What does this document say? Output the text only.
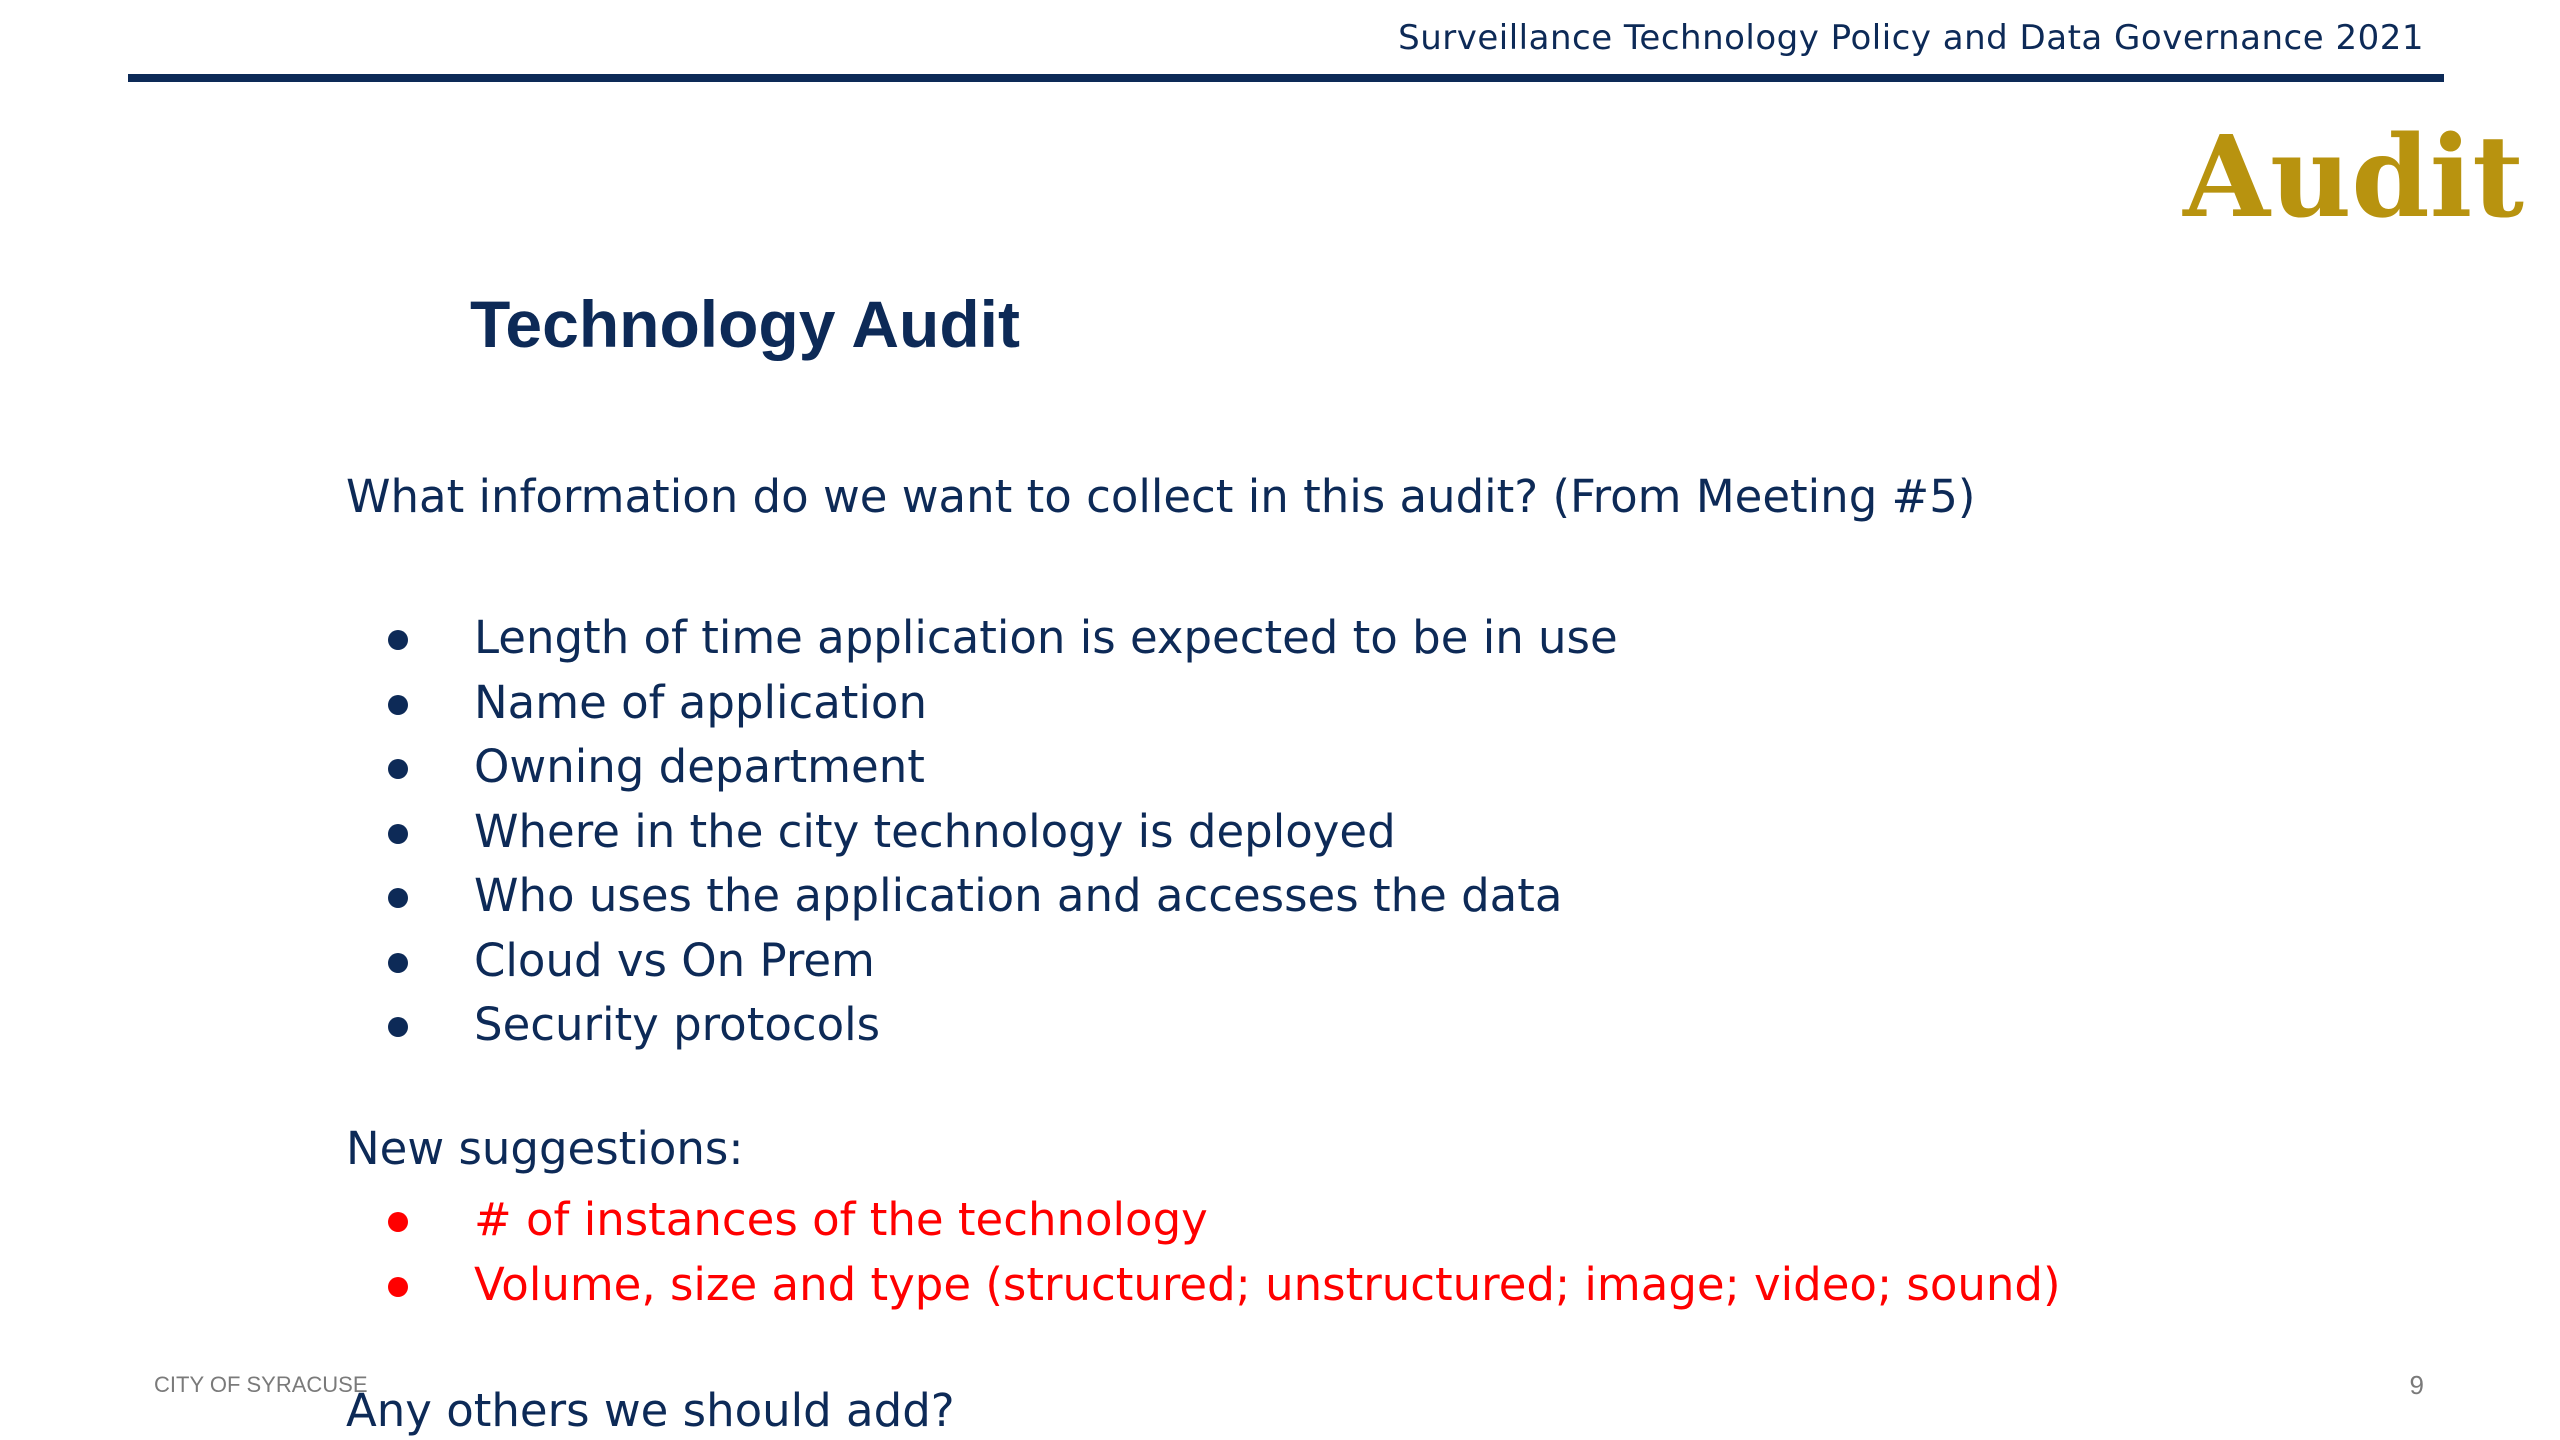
Surveillance Technology Policy and Data Governance 2021
Audit
Technology Audit
What information do we want to collect in this audit? (From Meeting #5)
Length of time application is expected to be in use
Name of application
Owning department
Where in the city technology is deployed
Who uses the application and accesses the data
Cloud vs On Prem
Security protocols
New suggestions:
# of instances of the technology
Volume, size and type (structured; unstructured; image; video; sound)
Any others we should add?
CITY OF SYRACUSE	9
